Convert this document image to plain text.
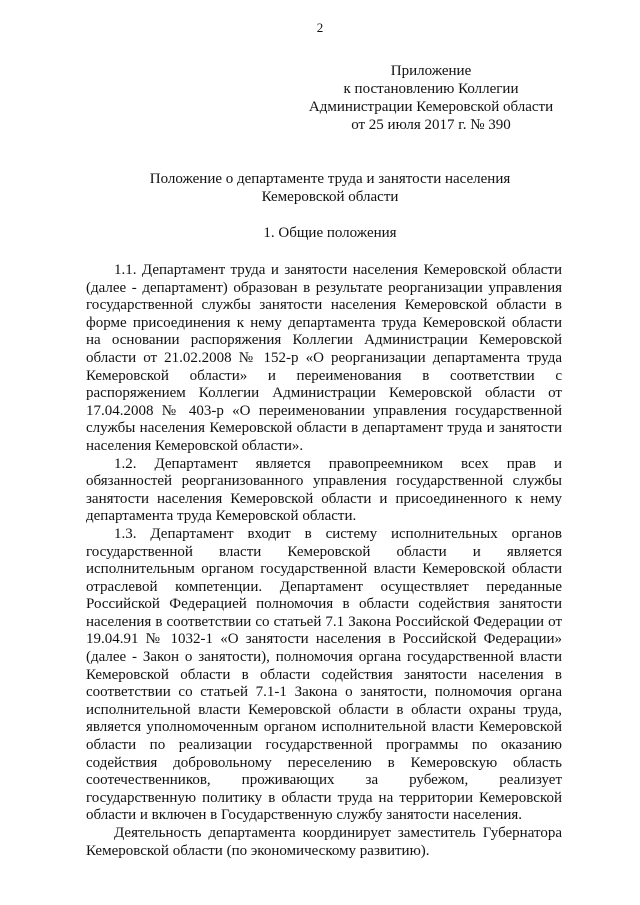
2
Приложение
к постановлению Коллегии
Администрации Кемеровской области
от 25 июля 2017 г. № 390
Положение о департаменте труда и занятости населения
Кемеровской области
1. Общие положения

1.1. Департамент труда и занятости населения Кемеровской области (далее - департамент) образован в результате реорганизации управления государственной службы занятости населения Кемеровской области в форме присоединения к нему департамента труда Кемеровской области на основании распоряжения Коллегии Администрации Кемеровской области от 21.02.2008 № 152-р «О реорганизации департамента труда Кемеровской области» и переименования в соответствии с распоряжением Коллегии Администрации Кемеровской области от 17.04.2008 № 403-р «О переименовании управления государственной службы населения Кемеровской области в департамент труда и занятости населения Кемеровской области».

1.2. Департамент является правопреемником всех прав и обязанностей реорганизованного управления государственной службы занятости населения Кемеровской области и присоединенного к нему департамента труда Кемеровской области.

1.3. Департамент входит в систему исполнительных органов государственной власти Кемеровской области и является исполнительным органом государственной власти Кемеровской области отраслевой компетенции. Департамент осуществляет переданные Российской Федерацией полномочия в области содействия занятости населения в соответствии со статьей 7.1 Закона Российской Федерации от 19.04.91 № 1032-1 «О занятости населения в Российской Федерации» (далее - Закон о занятости), полномочия органа государственной власти Кемеровской области в области содействия занятости населения в соответствии со статьей 7.1-1 Закона о занятости, полномочия органа исполнительной власти Кемеровской области в области охраны труда, является уполномоченным органом исполнительной власти Кемеровской области по реализации государственной программы по оказанию содействия добровольному переселению в Кемеровскую область соотечественников, проживающих за рубежом, реализует государственную политику в области труда на территории Кемеровской области и включен в Государственную службу занятости населения.

Деятельность департамента координирует заместитель Губернатора Кемеровской области (по экономическому развитию).
